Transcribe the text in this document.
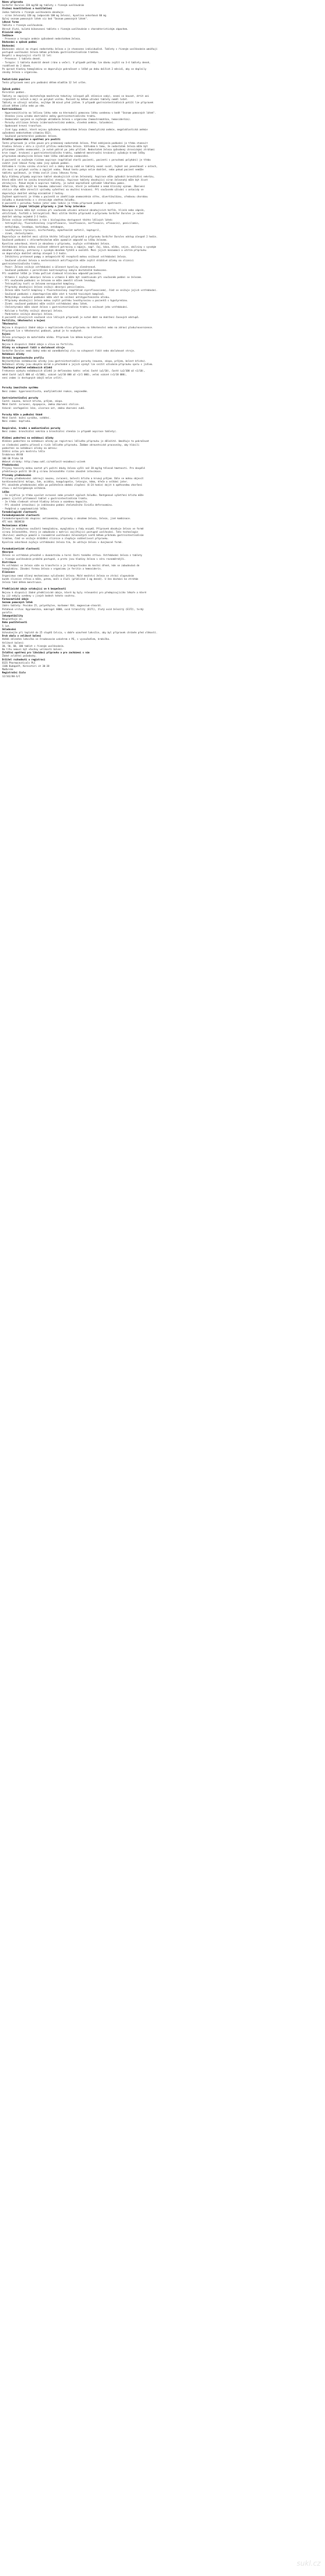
Název přípravku
Sorbifer Durules 320 mg/60 mg tablety s řízeným uvolňováním
Složení kvantitativní a kvalitativní
Jedna tableta s řízeným uvolňováním obsahuje:
- síran železnatý 320 mg (odpovídá 100 mg železa), kyselina askorbová 60 mg
Úplný seznam pomocných látek viz bod "Seznam pomocných látek".
Léková forma
Tableta s řízeným uvolňováním.
Okrově žlutá, kulatá bikonvexní tableta s řízeným uvolňováním s charakteristickým zápachem.
Klinické údaje
Indikace
- Prevence a terapie anémie způsobené nedostatkem železa.
Dávkování a způsob podání
Dávkování
Dávkování závisí na stupni nedostatku železa a je stanoveno individuálně. Tablety s řízeným uvolňováním umožňují
postupné uvolňování železa během průchodu gastrointestinálním traktem.
Dospělí a dospívající starší 12 let:
- Prevence: 1 tableta denně.
- Terapie: 1 tableta dvakrát denně (ráno a večer). V případě potřeby lze dávku zvýšit na 3-4 tablety denně,
rozděleně do 2 dávek.
Po úpravě hladiny hemoglobinu se doporučuje pokračovat v léčbě po dobu dalších 2 měsíců, aby se doplnily
zásoby železa v organismu.
Pediatrická populace
Tento přípravek není pro podávání dětem mladším 12 let určen.
Způsob podání
Perorální podání.
Tablety se zapíjejí dostatečným množstvím tekutiny (alespoň půl sklenice vody), nesmí se kousat, drtit ani
rozpouštět v ústech a mají se polykat vcelku. Pacient by během užívání tablety neměl ležet.
Tablety se užívají nalačno, nejlépe 30 minut před jídlem. V případě gastrointestinálních potíží lze přípravek
užívat během jídla nebo po něm.
Kontraindikace
- Hypersenzitivita na léčivou látku nebo na kteroukoli pomocnou látku uvedenou v bodě "Seznam pomocných látek".
- Stenóza jícnu a/nebo obstrukční změny gastrointestinálního traktu.
- Onemocnění spojená se zvýšeným ukládáním železa v organismu (hemochromatóza, hemosideróza).
- Poruchy utilizace železa (sideroachrestická anémie, olověná anémie, talasémie).
- Opakované krevní transfuze.
- Jiné typy anémií, které nejsou způsobeny nedostatkem železa (hemolytická anémie, megaloblastická anémie
způsobená nedostatkem vitaminu B12).
- Současné parenterální podávání železa.
Zvláštní upozornění a opatření pro použití
Tento přípravek je určen pouze pro prokázaný nedostatek železa. Před zahájením podávání je třeba stanovit
hladinu železa v séru a zjistit příčinu nedostatku železa. Vzhledem k tomu, že nedostatek železa může být
příznakem jiného onemocnění, je nutné pátrat po jeho příčině. Nedostatek železa způsobený chronickými ztrátami
krve (např. krvácení z gastrointestinálního traktu, nadměrné menstruační krvácení) vyžaduje kromě léčby
přípravkem obsahujícím železo také léčbu základního onemocnění.
U pacientů se zvýšeným rizikem aspirace (například starší pacienti, pacienti s poruchami polykání) je třeba
zvážit jiné lékové formy nebo jiný způsob podání.
Vzhledem k riziku vzniku ulcerací úst a změny barvy zubů se tablety nesmí cucat, žvýkat ani ponechávat v ústech,
ale musí se polykat vcelku a zapíjet vodou. Pokud tento pokyn nelze dodržet, nebo pokud pacient nemůže
tabletu spolknout, je třeba zvolit jinou lékovou formu.
Byly hlášeny případy aspirace tablet obsahujících síran železnatý. Aspirace může způsobit bronchiální nekrózu,
která může vést ke vzniku bronchiální stenózy. Aspirace tablety obsahující síran železnatý může být život
ohrožující. Pokud dojde k aspiraci tablety, je nutné neprodleně vyhledat lékařskou pomoc.
Během léčby může dojít ke tmavému zabarvení stolice, které je neškodné a nemá klinický význam. Zbarvení
stolice však může zkreslit výsledky vyšetření na okultní krvácení. Při současném užívání s antacidy se
doporučuje dodržet odstup minimálně 2 hodiny.
Zvýšené opatrnosti je třeba u pacientů se zánětlivým onemocněním střev, divertikulózou, vředovou chorobou
žaludku a dvanáctníku a s chronickým zánětem žaludku.
U pacientů s poruchou funkce jater nebo ledvin je třeba přípravek podávat s opatrností.
Interakce s jinými léčivými přípravky a jiné formy interakce
Absorpce železa může být snížena při současném užívání antacid obsahujících hořčík, hliník nebo vápník,
uhličitanů, fosfátů a tetracyklinů. Mezi užitím těchto přípravků a přípravku Sorbifer Durules je nutné
dodržet odstup nejméně 2-3 hodin.
Železo snižuje vstřebávání a tím i biologickou dostupnost těchto léčivých látek:
- tetracykliny, fluorochinolony (ciprofloxacin, levofloxacin, norfloxacin, ofloxacin), penicilamin,
- methyldopa, levodopa, karbidopa, entakapon,
- levothyroxin (tyroxin), bisfosfonáty, mykofenolát mofetil, kaptopril,
- zinek, cholestyramin.
Doporučuje se dodržet mezi užitím těchto léčivých přípravků a přípravku Sorbifer Durules odstup alespoň 2 hodin.
Současné podávání s chloramfenikolem může zpomalit odpověď na léčbu železem.
Kyselina askorbová, která je obsažena v přípravku, zvyšuje vstřebávání železa.
Vstřebávání železa mohou snižovat některé potraviny a nápoje, např. čaj, káva, mléko, vejce, obilniny s vysokým
obsahem vlákniny, potraviny s vysokým obsahem fytátů a oxalátů. Mezi jejich konzumací a užitím přípravku
se doporučuje dodržet odstup alespoň 1-2 hodin.
- Inhibitory protonové pumpy a antagonisté H2 receptorů mohou snižovat vstřebávání železa.
- Současné užívání železa a nesteroidních antiflogistik může zvýšit dráždivé účinky na sliznici
gastrointestinálního traktu.
- Pozor: Železo snižuje vstřebávání a účinnost kyseliny alendronové.
- Současné podávání s perorálními kontraceptivy nebylo dostatečně hodnoceno.
Při souběžné léčbě je třeba pečlivě sledovat klinickou odpověď pacienta.
- Vitamin C zvyšuje absorpci železa a vitamin E může být inaktivován při současném podání se železem.
- Při současném podávání se železem se může zmenšit účinek levodopy.
- Tetracykliny tvoří se železem nerozpustné komplexy.
- Přípravky obsahující železo snižují absorpci penicilaminu.
- Železo může tvořit komplexy s fluorochinolony (například ciprofloxacinem), čímž se snižuje jejich vstřebávání.
- Současné podávání s dimerkaprolem může vést k tvorbě toxických komplexů.
- Methyldopa: současné podávání může vést ke snížení antihypertenzního účinku.
- Přípravky obsahující železo mohou zvýšit potřebu levothyroxinu u pacientů s hypotyreózou.
- Zinek: současné podávání může snížit vstřebávání obou látek.
- Cholestyramin může vázat železo v gastrointestinálním traktu a snižovat jeho vstřebávání.
- Kalcium a fosfáty snižují absorpci železa.
- Pankreatin snižuje absorpci železa.
U pacientů užívajících současně více léčivých přípravků je nutné dbát na dodržení časových odstupů.
Fertilita, těhotenství a kojení
Těhotenství
Nejsou k dispozici žádné údaje o nepříznivém vlivu přípravku na těhotenství nebo na zdraví plodu/novorozence.
Přípravek lze v těhotenství podávat, pokud je to nezbytné.
Kojení
Železo prostupuje do mateřského mléka. Přípravek lze během kojení užívat.
Fertilita
Nejsou k dispozici žádné údaje o vlivu na fertilitu.
Účinky na schopnost řídit a obsluhovat stroje
Sorbifer Durules nemá žádný nebo má zanedbatelný vliv na schopnost řídit nebo obsluhovat stroje.
Nežádoucí účinky
Shrnutí bezpečnostního profilu
Nejčastějšími nežádoucími účinky jsou gastrointestinální poruchy (nauzea, zácpa, průjem, bolest břicha).
Nežádoucí účinky jsou obvykle mírné a přechodné a jejich výskyt lze snížit užíváním přípravku spolu s jídlem.
Tabulkový přehled nežádoucích účinků
Frekvence výskytu nežádoucích účinků je definována takto: velmi časté (≥1/10), časté (≥1/100 až <1/10),
méně časté (≥1/1 000 až <1/100), vzácné (≥1/10 000 až <1/1 000), velmi vzácné (<1/10 000),
není známo (z dostupných údajů nelze určit).
Poruchy imunitního systému
Není známo: hypersenzitivita, anafylaktické reakce, angioedém.
Gastrointestinální poruchy
Časté: nauzea, bolest břicha, průjem, zácpa.
Méně časté: zvracení, dyspepsie, změna zbarvení stolice.
Vzácné: ezofageální léze, ulcerace úst, změna zbarvení zubů.
Poruchy kůže a podkožní tkáně
Méně časté: kožní vyrážka, svědění.
Není známo: kopřivka.
Respirační, hrudní a mediastinální poruchy
Není známo: bronchiální nekróza a bronchiální stenóza (v případě aspirace tablety).
Hlášení podezření na nežádoucí účinky
Hlášení podezření na nežádoucí účinky po registraci léčivého přípravku je důležité. Umožňuje to pokračovat
ve sledování poměru přínosů a rizik léčivého přípravku. Žádáme zdravotnické pracovníky, aby hlásili
podezření na nežádoucí účinky na adresu:
Státní ústav pro kontrolu léčiv
Šrobárova 49/48
100 00 Praha 10
Webové stránky: http://www.sukl.cz/nahlasit-nezadouci-ucinek
Předávkování
Projevy toxicity mohou nastat při požití dávky železa vyšší než 20 mg/kg tělesné hmotnosti. Pro dospělé
představuje požití 10-20 g síranu železnatého riziko závažné intoxikace.
Příznaky předávkování
Příznaky předávkování zahrnují nauzeu, zvracení, bolesti břicha a krvavý průjem. Dále se mohou objevit
kardiovaskulární kolaps, šok, acidóza, koagulopatie, letargie, kóma, křeče a selhání jater.
Při závažném předávkování může po počátečním období zlepšení (6-24 hodin) dojít k opětovnému zhoršení
stavu s multiorgánovým selháním.
Léčba
- Co nejdříve je třeba vyvolat zvracení nebo provést výplach žaludku. Rentgenové vyšetření břicha může
pomoci zjistit přítomnost tablet v gastrointestinálním traktu.
- Je třeba sledovat sérové hladiny železa a vazebnou kapacitu.
- Při závažné intoxikaci je indikováno podání chelatačního činidla deferoxaminu.
- Podpůrná a symptomatická léčba.
Farmakologické vlastnosti
Farmakodynamické vlastnosti
Farmakoterapeutická skupina: antianemika, přípravky s obsahem železa, železo, jiné kombinace.
ATC kód: B03AE10
Mechanismus účinku
Železo je nezbytnou součástí hemoglobinu, myoglobinu a řady enzymů. Přípravek obsahuje železo ve formě
síranu železnatého, který je zabudován v matrici zajišťující postupné uvolňování. Tato technologie
(Durules) umožňuje pomalé a rovnoměrné uvolňování železnatých iontů během průchodu gastrointestinálním
traktem, čímž se snižuje dráždění sliznice a zlepšuje snášenlivost přípravku.
Kyselina askorbová zvyšuje vstřebávání železa tím, že udržuje železo v dvojmocné formě.
Farmakokinetické vlastnosti
Absorpce
Železo se vstřebává převážně v dvanáctníku a horní části tenkého střeva. Vstřebávání železa z tablety
s řízeným uvolňováním probíhá postupně, a proto jsou hladiny železa v séru rovnoměrnější.
Distribuce
Po vstřebání se železo váže na transferin a je transportováno do kostní dřeně, kde se zabudovává do
hemoglobinu. Zásobní formou železa v organismu je feritin a hemosiderin.
Eliminace
Organismus nemá účinný mechanismus vylučování železa. Malé množství železa se ztrácí olupováním
buněk sliznice střeva a kůže, potem, močí a žlučí (přibližně 1 mg denně). U žen dochází ke ztrátám
železa také během menstruace.
Předklinické údaje vztahující se k bezpečnosti
Nejsou k dispozici žádné předklinické údaje, které by byly relevantní pro předepisujícího lékaře a které
by již nebyly uvedeny v jiných bodech tohoto souhrnu.
Farmaceutické údaje
Seznam pomocných látek
Jádro tablety: Povidon 25, polyethylen, karbomer 934, magnesium-stearát.
Potahová vrstva: Hypromelóza, makrogol 6000, oxid titaničitý (E171), žlutý oxid železitý (E172), tvrdý
parafin.
Inkompatibility
Neuplatňuje se.
Doba použitelnosti
5 let.
Skladování
Uchovávejte při teplotě do 25 stupňů Celsia, v dobře uzavřené lahvičce, aby byl přípravek chráněn před vlhkostí.
Druh obalu a velikost balení
Hnědá skleněná lahvička se šroubovacím uzávěrem z PE, s vysoušedlem, krabička.
Velikost balení:
30, 50, 60, 100 tablet s řízeným uvolňováním.
Na trhu nemusí být všechny velikosti balení.
Zvláštní opatření pro likvidaci přípravku a pro zacházení s ním
Žádné zvláštní požadavky.
Držitel rozhodnutí o registraci
EGIS Pharmaceuticals PLC
1106 Budapešť, Keresztúri út 30-38
Maďarsko
Registrační číslo
12/162/80-S/C
sukl.cz
